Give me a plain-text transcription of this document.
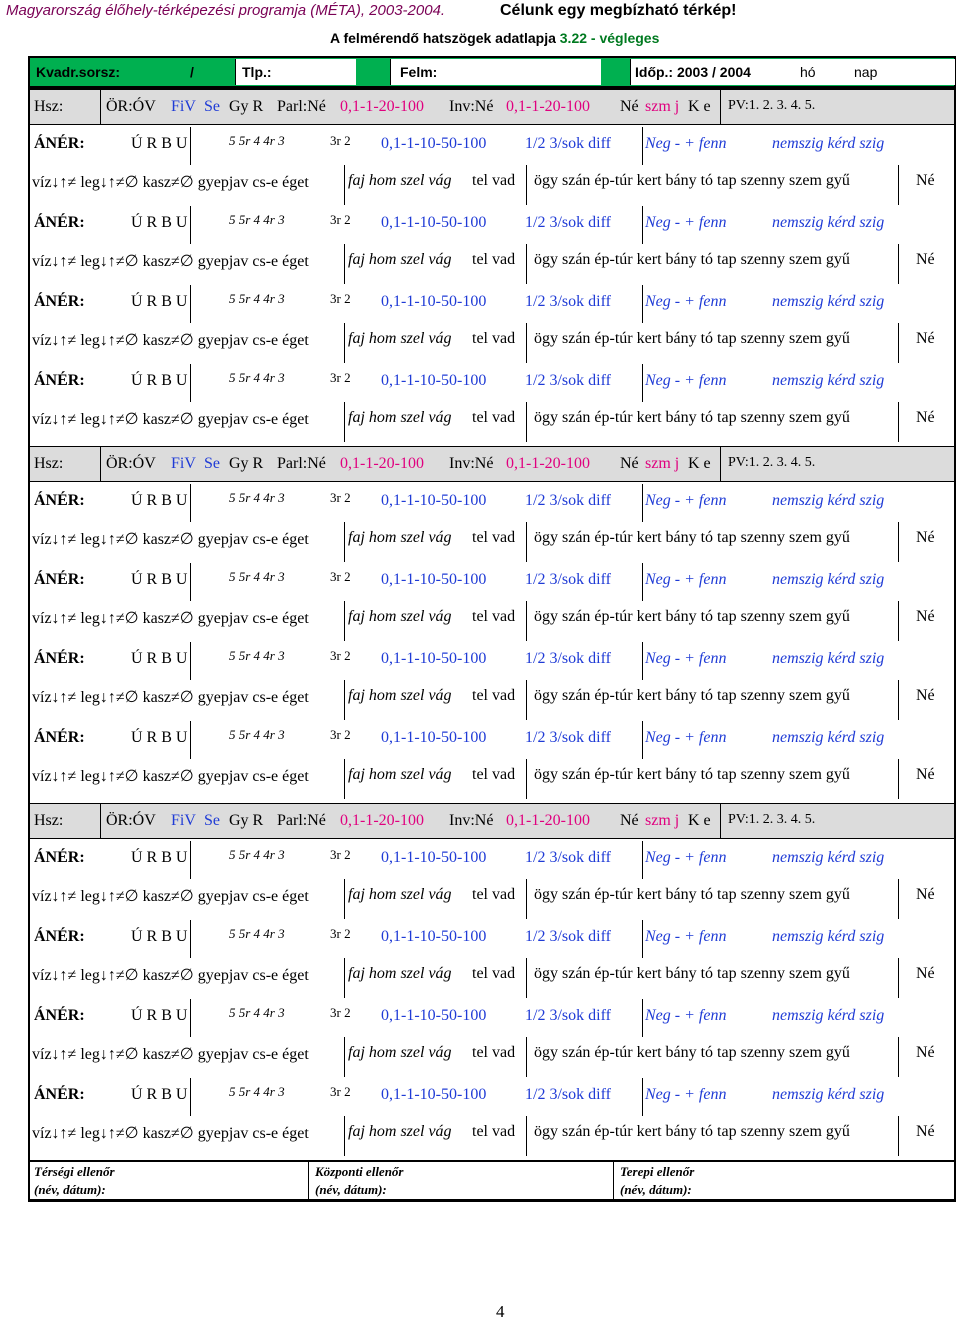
Magyarország élőhely-térképezési programja (MÉTA), 2003-2004.	Célunk egy megbízható térkép!
A felmérendő hatszögek adatlapja 3.22 - végleges
Kvadr.sorsz:	/	Tlp.:	Felm:	Időp.: 2003 / 2004	hó	nap
Hsz:	ÖR:ÓV FiV Se Gy R Parl:Né 0,1-1-20-100 Inv:Né 0,1-1-20-100 Né szm j K e PV:1. 2. 3. 4. 5.
ÁNÉR:	Ú R B U	5 5r 4 4r 3	3r 2 0,1-1-10-50-100 1/2 3/sok diff Neg - + fenn	nemszig kérd szig
víz↓↑≠ leg↓↑≠∅ kasz≠∅ gyepjav cs-e éget faj hom szel vág tel vad ögy szán ép-túr kert bány tó tap szenny szem gyű	Né
ÁNÉR:	Ú R B U	5 5r 4 4r 3	3r 2 0,1-1-10-50-100 1/2 3/sok diff Neg - + fenn	nemszig kérd szig
víz↓↑≠ leg↓↑≠∅ kasz≠∅ gyepjav cs-e éget faj hom szel vág tel vad ögy szán ép-túr kert bány tó tap szenny szem gyű	Né
ÁNÉR:	Ú R B U	5 5r 4 4r 3	3r 2 0,1-1-10-50-100 1/2 3/sok diff Neg - + fenn	nemszig kérd szig
víz↓↑≠ leg↓↑≠∅ kasz≠∅ gyepjav cs-e éget faj hom szel vág tel vad ögy szán ép-túr kert bány tó tap szenny szem gyű	Né
ÁNÉR:	Ú R B U	5 5r 4 4r 3	3r 2 0,1-1-10-50-100 1/2 3/sok diff Neg - + fenn	nemszig kérd szig
víz↓↑≠ leg↓↑≠∅ kasz≠∅ gyepjav cs-e éget faj hom szel vág tel vad ögy szán ép-túr kert bány tó tap szenny szem gyű	Né
Hsz:	ÖR:ÓV FiV Se Gy R Parl:Né 0,1-1-20-100 Inv:Né 0,1-1-20-100 Né szm j K e PV:1. 2. 3. 4. 5.
ÁNÉR:	Ú R B U	5 5r 4 4r 3	3r 2 0,1-1-10-50-100 1/2 3/sok diff Neg - + fenn	nemszig kérd szig
víz↓↑≠ leg↓↑≠∅ kasz≠∅ gyepjav cs-e éget faj hom szel vág tel vad ögy szán ép-túr kert bány tó tap szenny szem gyű	Né
ÁNÉR:	Ú R B U	5 5r 4 4r 3	3r 2 0,1-1-10-50-100 1/2 3/sok diff Neg - + fenn	nemszig kérd szig
víz↓↑≠ leg↓↑≠∅ kasz≠∅ gyepjav cs-e éget faj hom szel vág tel vad ögy szán ép-túr kert bány tó tap szenny szem gyű	Né
ÁNÉR:	Ú R B U	5 5r 4 4r 3	3r 2 0,1-1-10-50-100 1/2 3/sok diff Neg - + fenn	nemszig kérd szig
víz↓↑≠ leg↓↑≠∅ kasz≠∅ gyepjav cs-e éget faj hom szel vág tel vad ögy szán ép-túr kert bány tó tap szenny szem gyű	Né
ÁNÉR:	Ú R B U	5 5r 4 4r 3	3r 2 0,1-1-10-50-100 1/2 3/sok diff Neg - + fenn	nemszig kérd szig
víz↓↑≠ leg↓↑≠∅ kasz≠∅ gyepjav cs-e éget faj hom szel vág tel vad ögy szán ép-túr kert bány tó tap szenny szem gyű	Né
Hsz:	ÖR:ÓV FiV Se Gy R Parl:Né 0,1-1-20-100 Inv:Né 0,1-1-20-100 Né szm j K e PV:1. 2. 3. 4. 5.
ÁNÉR:	Ú R B U	5 5r 4 4r 3	3r 2 0,1-1-10-50-100 1/2 3/sok diff Neg - + fenn	nemszig kérd szig
víz↓↑≠ leg↓↑≠∅ kasz≠∅ gyepjav cs-e éget faj hom szel vág tel vad ögy szán ép-túr kert bány tó tap szenny szem gyű	Né
ÁNÉR:	Ú R B U	5 5r 4 4r 3	3r 2 0,1-1-10-50-100 1/2 3/sok diff Neg - + fenn	nemszig kérd szig
víz↓↑≠ leg↓↑≠∅ kasz≠∅ gyepjav cs-e éget faj hom szel vág tel vad ögy szán ép-túr kert bány tó tap szenny szem gyű	Né
ÁNÉR:	Ú R B U	5 5r 4 4r 3	3r 2 0,1-1-10-50-100 1/2 3/sok diff Neg - + fenn	nemszig kérd szig
víz↓↑≠ leg↓↑≠∅ kasz≠∅ gyepjav cs-e éget faj hom szel vág tel vad ögy szán ép-túr kert bány tó tap szenny szem gyű	Né
ÁNÉR:	Ú R B U	5 5r 4 4r 3	3r 2 0,1-1-10-50-100 1/2 3/sok diff Neg - + fenn	nemszig kérd szig
víz↓↑≠ leg↓↑≠∅ kasz≠∅ gyepjav cs-e éget faj hom szel vág tel vad ögy szán ép-túr kert bány tó tap szenny szem gyű	Né
Térségi ellenőr
(név, dátum):
Központi ellenőr
(név, dátum):
Terepi ellenőr
(név, dátum):
4
